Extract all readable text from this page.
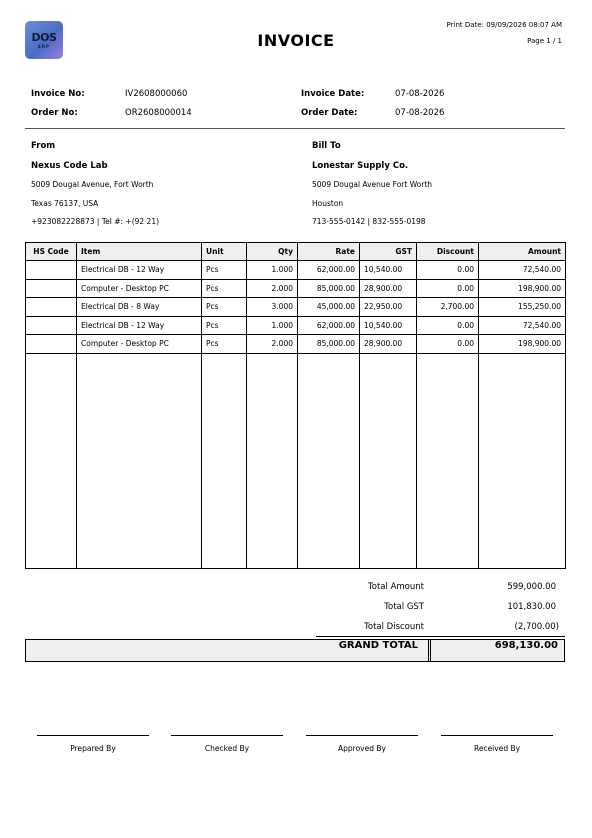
DOS
ERP	INVOICE
Print Date: 09/09/2026 08:07 AM
Page 1 / 1
Invoice No:	IV2608000060
Order No:	OR2608000014
Invoice Date:	07-08-2026
Order Date:	07-08-2026
From
Nexus Code Lab
5009 Dougal Avenue, Fort Worth
Texas 76137, USA
+923082228873 | Tel #: +(92 21)
Bill To
Lonestar Supply Co.
5009 Dougal Avenue Fort Worth
Houston
713-555-0142 | 832-555-0198
HS Code	Item	Unit	Qty	Rate	GST	Discount	Amount
	Electrical DB - 12 Way	Pcs	1.000	62,000.00	10,540.00	0.00	72,540.00
	Computer - Desktop PC	Pcs	2.000	85,000.00	28,900.00	0.00	198,900.00
	Electrical DB - 8 Way	Pcs	3.000	45,000.00	22,950.00	2,700.00	155,250.00
	Electrical DB - 12 Way	Pcs	1.000	62,000.00	10,540.00	0.00	72,540.00
	Computer - Desktop PC	Pcs	2.000	85,000.00	28,900.00	0.00	198,900.00

Total Amount	599,000.00
Total GST	101,830.00
Total Discount	(2,700.00)
GRAND TOTAL	698,130.00
Prepared By	Checked By	Approved By	Received By
